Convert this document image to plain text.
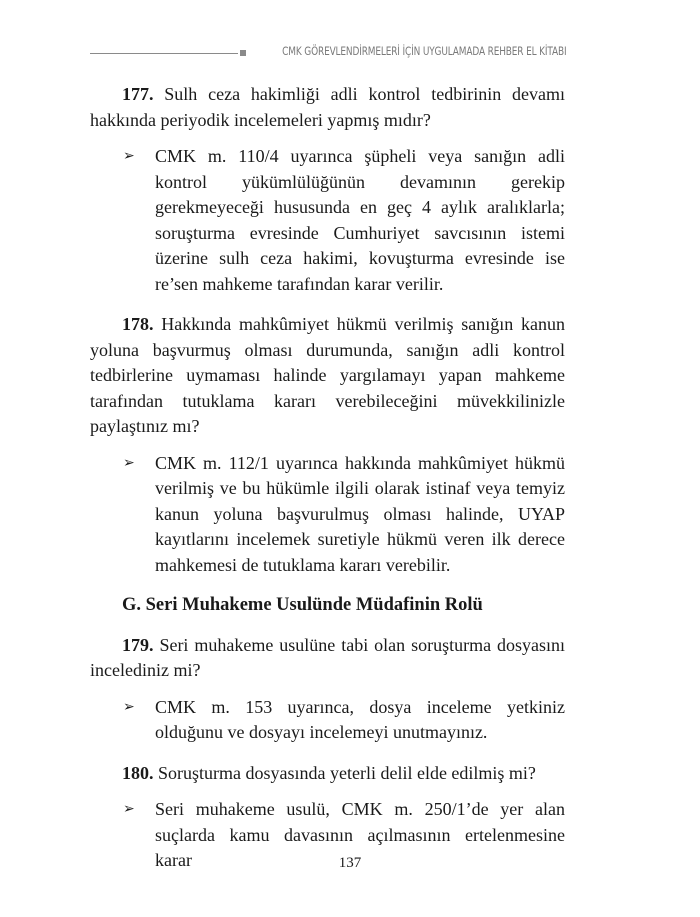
CMK GÖREVLENDİRMELERİ İÇİN UYGULAMADA REHBER EL KİTABI

177. Sulh ceza hakimliği adli kontrol tedbirinin devamı hakkında periyodik incelemeleri yapmış mıdır?

➢ CMK m. 110/4 uyarınca şüpheli veya sanığın adli kontrol yükümlülüğünün devamının gerekip gerekmeyeceği hususunda en geç 4 aylık aralıklarla; soruşturma evresinde Cumhuriyet savcısının istemi üzerine sulh ceza hakimi, kovuşturma evresinde ise re’sen mahkeme tarafından karar verilir.

178. Hakkında mahkûmiyet hükmü verilmiş sanığın kanun yoluna başvurmuş olması durumunda, sanığın adli kontrol tedbirlerine uymaması halinde yargılamayı yapan mahkeme tarafından tutuklama kararı verebileceğini müvekkilinizle paylaştınız mı?

➢ CMK m. 112/1 uyarınca hakkında mahkûmiyet hükmü verilmiş ve bu hükümle ilgili olarak istinaf veya temyiz kanun yoluna başvurulmuş olması halinde, UYAP kayıtlarını incelemek suretiyle hükmü veren ilk derece mahkemesi de tutuklama kararı verebilir.

G. Seri Muhakeme Usulünde Müdafinin Rolü

179. Seri muhakeme usulüne tabi olan soruşturma dosyasını incelediniz mi?

➢ CMK m. 153 uyarınca, dosya inceleme yetkiniz olduğunu ve dosyayı incelemeyi unutmayınız.

180. Soruşturma dosyasında yeterli delil elde edilmiş mi?

➢ Seri muhakeme usulü, CMK m. 250/1’de yer alan suçlarda kamu davasının açılmasının ertelenmesine karar	137
